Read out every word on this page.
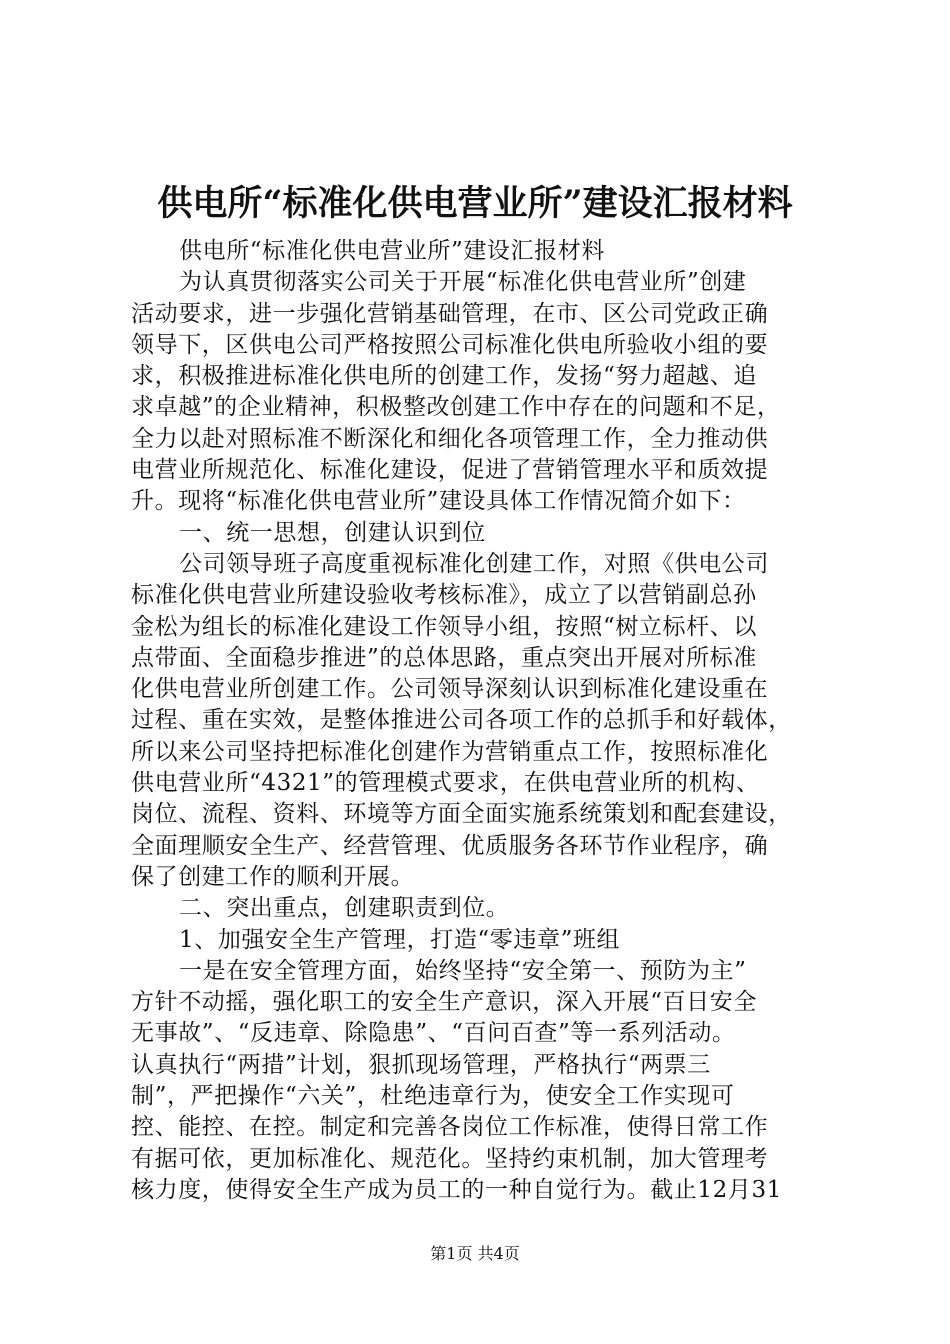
供电所“标准化供电营业所”建设汇报材料
供电所“标准化供电营业所”建设汇报材料
为认真贯彻落实公司关于开展“标准化供电营业所”创建
活动要求，进一步强化营销基础管理，在市、区公司党政正确
领导下，区供电公司严格按照公司标准化供电所验收小组的要
求，积极推进标准化供电所的创建工作，发扬“努力超越、追
求卓越”的企业精神，积极整改创建工作中存在的问题和不足，
全力以赴对照标准不断深化和细化各项管理工作，全力推动供
电营业所规范化、标准化建设，促进了营销管理水平和质效提
升。现将“标准化供电营业所”建设具体工作情况简介如下：
一、统一思想，创建认识到位
公司领导班子高度重视标准化创建工作，对照《供电公司
标准化供电营业所建设验收考核标准》，成立了以营销副总孙
金松为组长的标准化建设工作领导小组，按照“树立标杆、以
点带面、全面稳步推进”的总体思路，重点突出开展对所标准
化供电营业所创建工作。公司领导深刻认识到标准化建设重在
过程、重在实效，是整体推进公司各项工作的总抓手和好载体，
所以来公司坚持把标准化创建作为营销重点工作，按照标准化
供电营业所“4321”的管理模式要求，在供电营业所的机构、
岗位、流程、资料、环境等方面全面实施系统策划和配套建设，
全面理顺安全生产、经营管理、优质服务各环节作业程序，确
保了创建工作的顺利开展。
二、突出重点，创建职责到位。
1、加强安全生产管理，打造“零违章”班组
一是在安全管理方面，始终坚持“安全第一、预防为主”
方针不动摇，强化职工的安全生产意识，深入开展“百日安全
无事故”、“反违章、除隐患”、“百问百查”等一系列活动。
认真执行“两措”计划，狠抓现场管理，严格执行“两票三
制”，严把操作“六关”，杜绝违章行为，使安全工作实现可
控、能控、在控。制定和完善各岗位工作标准，使得日常工作
有据可依，更加标准化、规范化。坚持约束机制，加大管理考
核力度，使得安全生产成为员工的一种自觉行为。截止12月31
第1页 共4页
